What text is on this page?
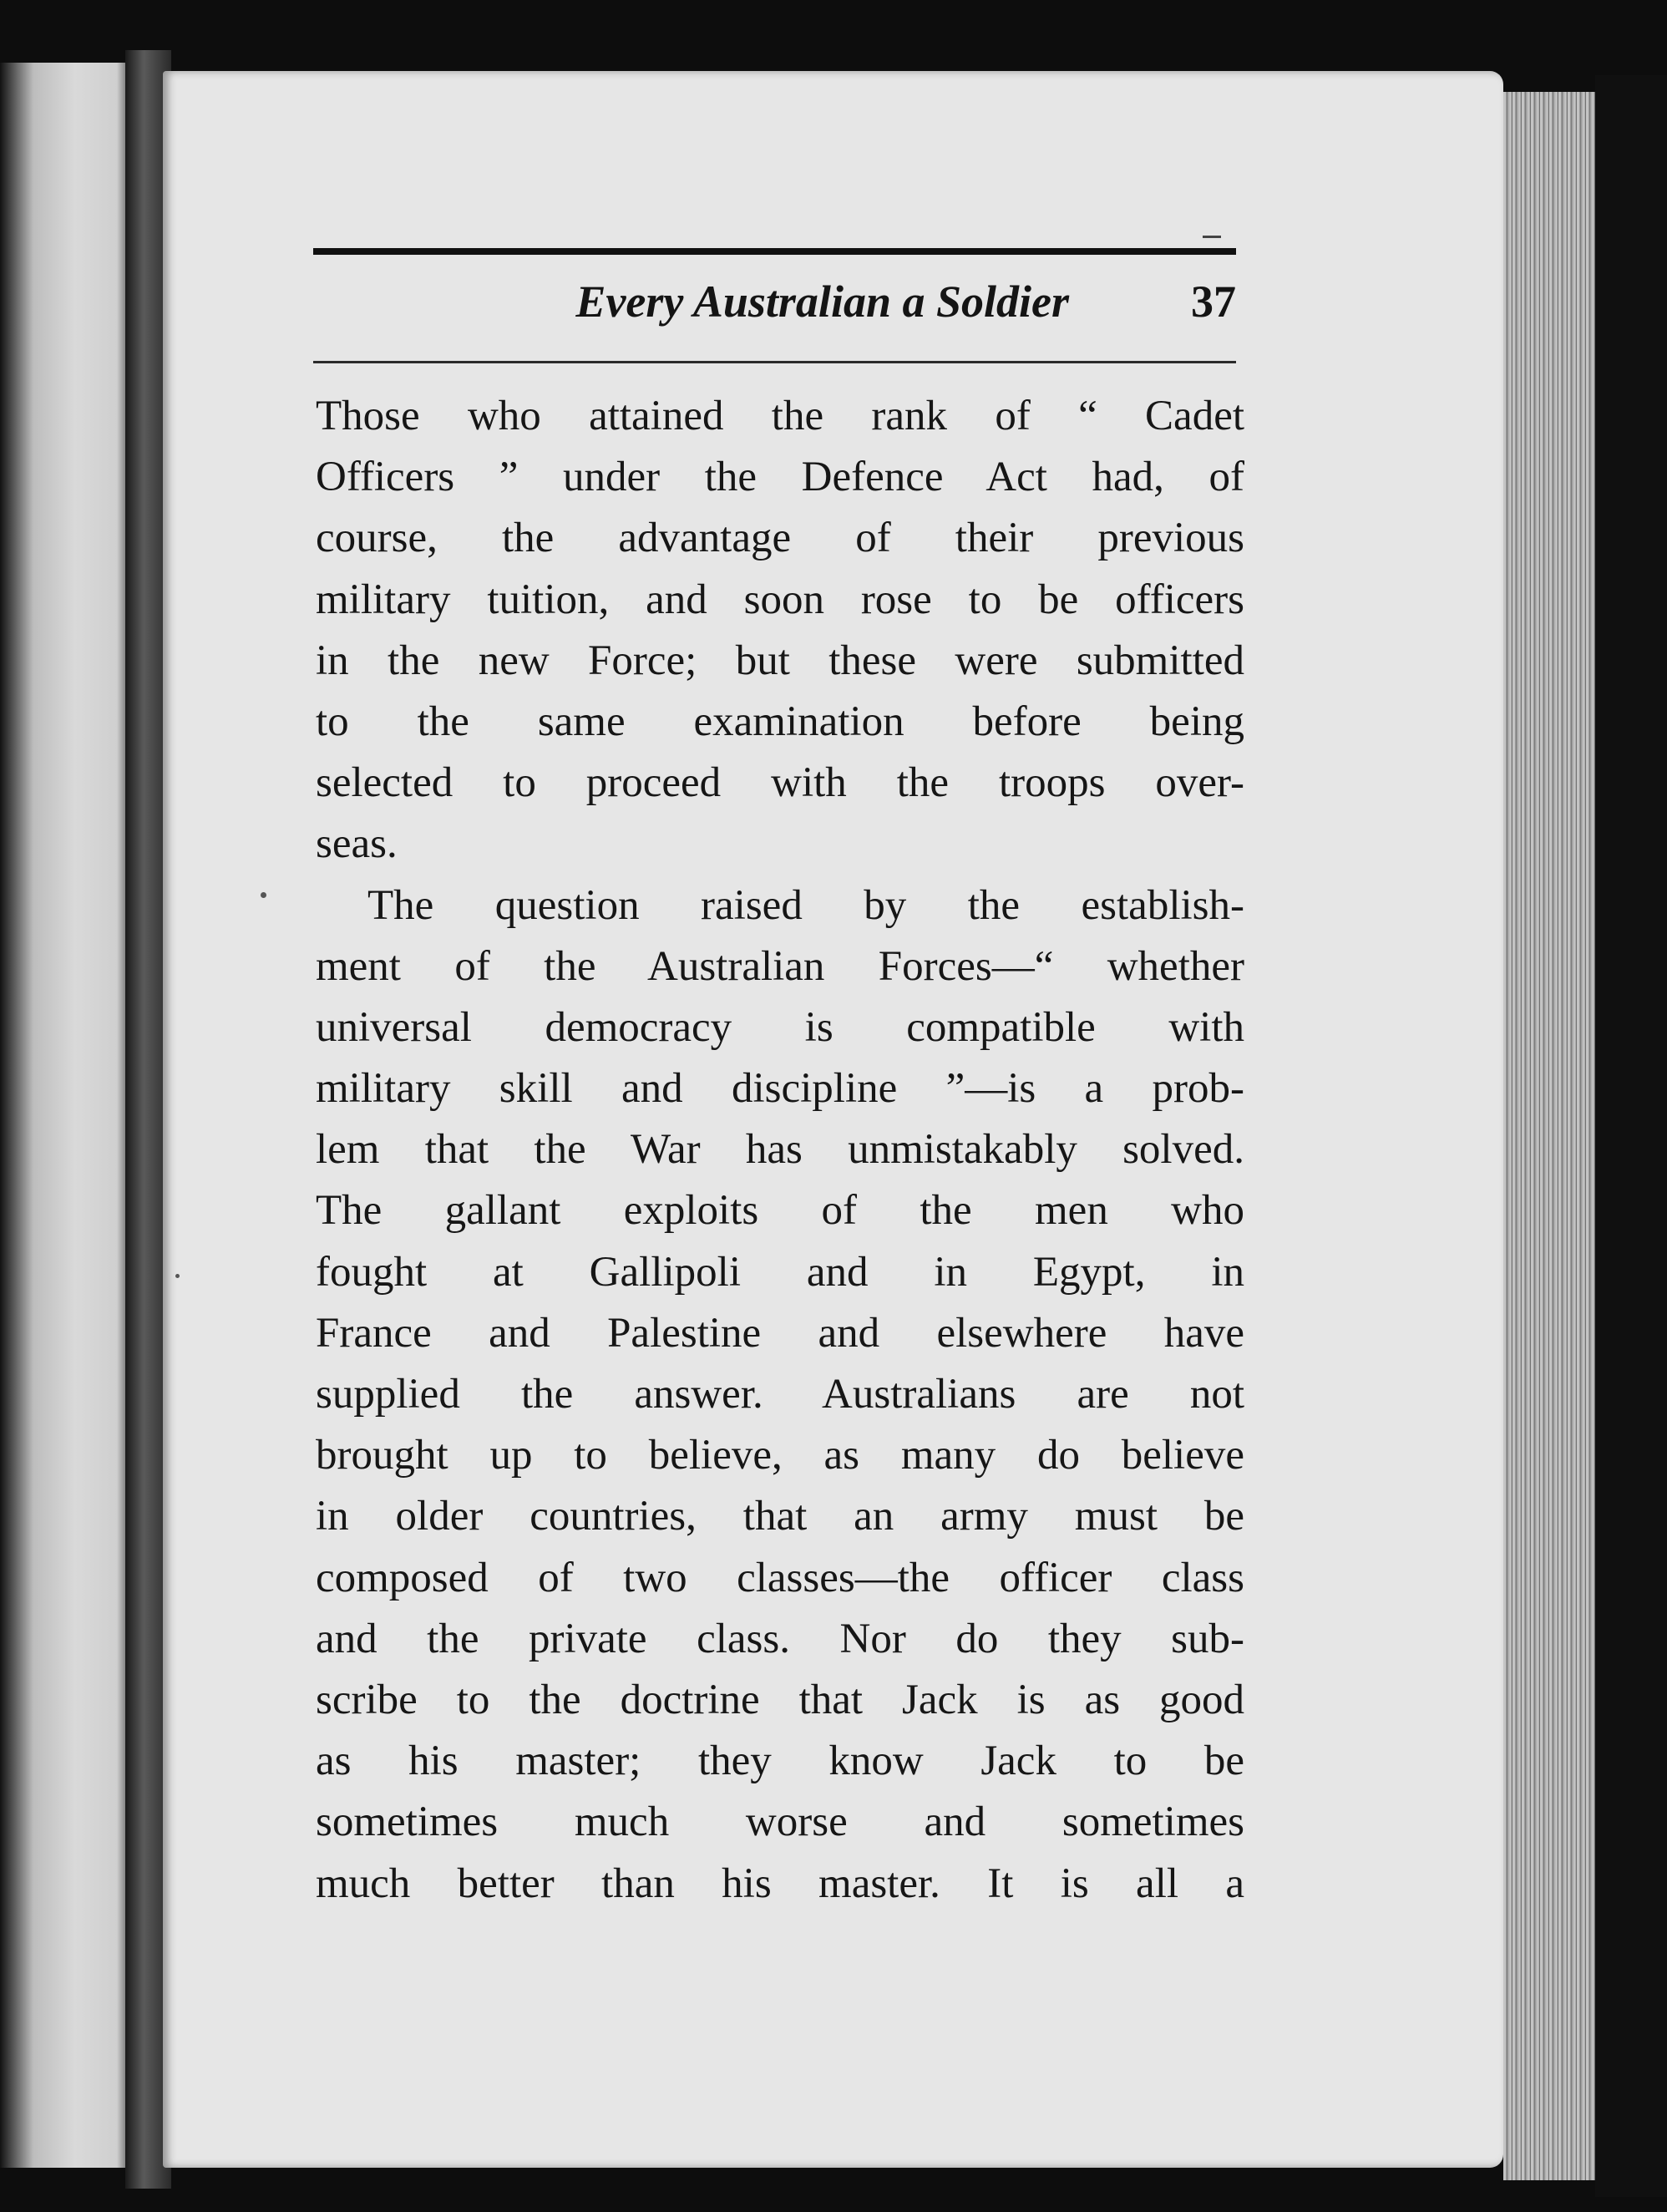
Every Australian a Soldier	37
Those who attained the rank of “ Cadet
Officers ” under the Defence Act had, of
course, the advantage of their previous
military tuition, and soon rose to be officers
in the new Force; but these were submitted
to the same examination before being
selected to proceed with the troops over-
seas.
The question raised by the establish-
ment of the Australian Forces—“ whether
universal democracy is compatible with
military skill and discipline ”—is a prob-
lem that the War has unmistakably solved.
The gallant exploits of the men who
fought at Gallipoli and in Egypt, in
France and Palestine and elsewhere have
supplied the answer. Australians are not
brought up to believe, as many do believe
in older countries, that an army must be
composed of two classes—the officer class
and the private class. Nor do they sub-
scribe to the doctrine that Jack is as good
as his master; they know Jack to be
sometimes much worse and sometimes
much better than his master. It is all a
